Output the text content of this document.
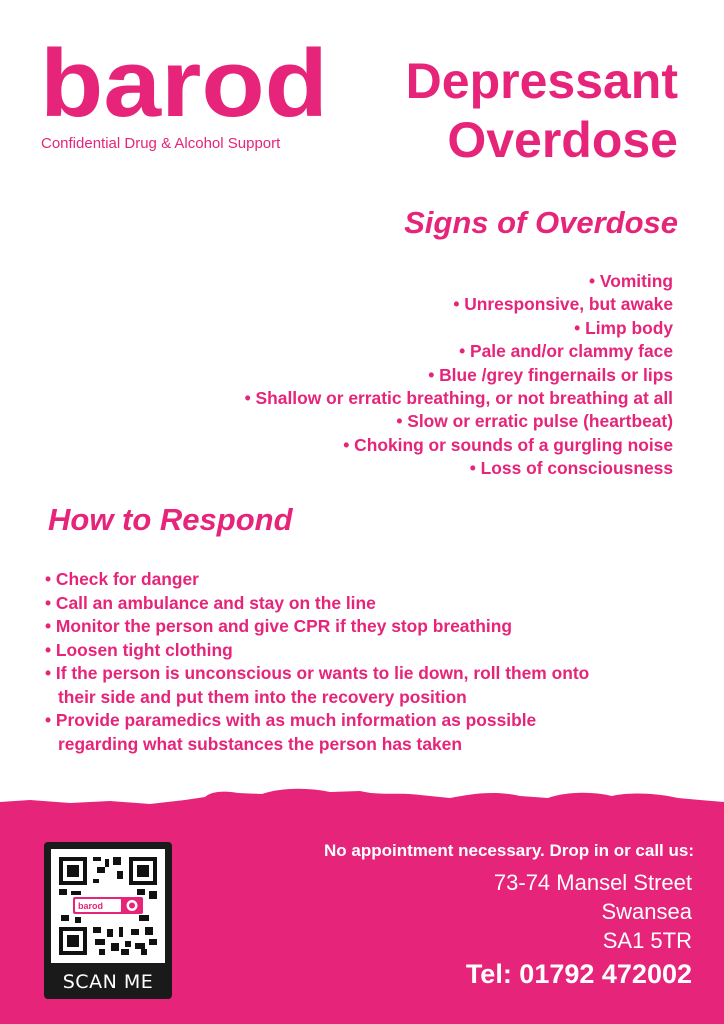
barod
Confidential Drug & Alcohol Support
Depressant
Overdose
Signs of Overdose
• Vomiting
• Unresponsive, but awake
• Limp body
• Pale and/or clammy face
• Blue /grey fingernails or lips
• Shallow or erratic breathing, or not breathing at all
• Slow or erratic pulse (heartbeat)
• Choking or sounds of a gurgling noise
• Loss of consciousness
How to Respond
• Check for danger
• Call an ambulance and stay on the line
• Monitor the person and give CPR if they stop breathing
• Loosen tight clothing
• If the person is unconscious or wants to lie down, roll them onto
their side and put them into the recovery position
• Provide paramedics with as much information as possible
regarding what substances the person has taken
barod
SCAN ME
No appointment necessary. Drop in or call us:
73-74 Mansel Street
Swansea
SA1 5TR
Tel: 01792 472002
